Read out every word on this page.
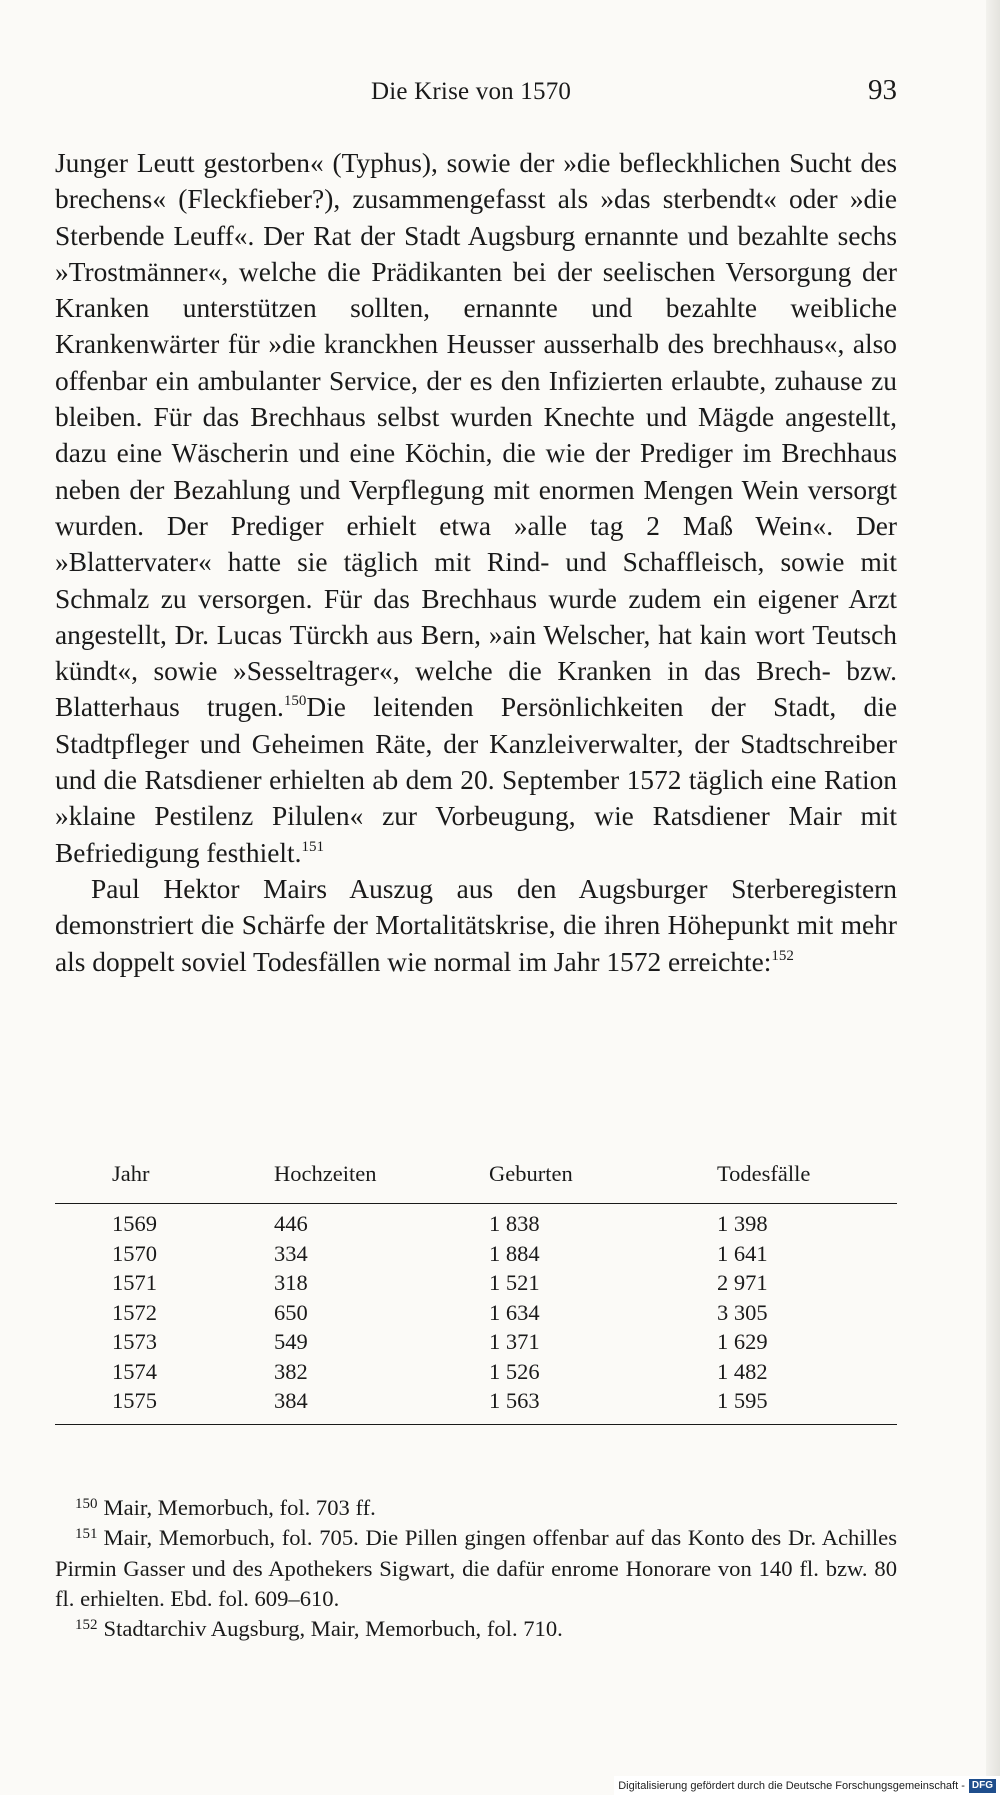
Die Krise von 1570	93

Junger Leutt gestorben« (Typhus), sowie der »die befleckhlichen Sucht des brechens« (Fleckfieber?), zusammengefasst als »das sterbendt« oder »die Sterbende Leuff«. Der Rat der Stadt Augsburg ernannte und bezahlte sechs »Trostmänner«, welche die Prädikanten bei der seelischen Versorgung der Kranken unterstützen sollten, ernannte und bezahlte weibliche Krankenwärter für »die kranckhen Heusser ausserhalb des brechhaus«, also offenbar ein ambulanter Service, der es den Infizierten erlaubte, zuhause zu bleiben. Für das Brechhaus selbst wurden Knechte und Mägde angestellt, dazu eine Wäscherin und eine Köchin, die wie der Prediger im Brechhaus neben der Bezahlung und Verpflegung mit enormen Mengen Wein versorgt wurden. Der Prediger erhielt etwa »alle tag 2 Maß Wein«. Der »Blattervater« hatte sie täglich mit Rind- und Schaffleisch, sowie mit Schmalz zu versorgen. Für das Brechhaus wurde zudem ein eigener Arzt angestellt, Dr. Lucas Türckh aus Bern, »ain Welscher, hat kain wort Teutsch kündt«, sowie »Sesseltrager«, welche die Kranken in das Brech- bzw. Blatterhaus trugen.$^{150}$Die leitenden Persönlichkeiten der Stadt, die Stadtpfleger und Geheimen Räte, der Kanzleiverwalter, der Stadtschreiber und die Ratsdiener erhielten ab dem 20. September 1572 täglich eine Ration »klaine Pestilenz Pilulen« zur Vorbeugung, wie Ratsdiener Mair mit Befriedigung festhielt.$^{151}$

Paul Hektor Mairs Auszug aus den Augsburger Sterberegistern demonstriert die Schärfe der Mortalitätskrise, die ihren Höhepunkt mit mehr als doppelt soviel Todesfällen wie normal im Jahr 1572 erreichte:$^{152}$

Jahr	Hochzeiten	Geburten	Todesfälle
1569	446	1 838	1 398
1570	334	1 884	1 641
1571	318	1 521	2 971
1572	650	1 634	3 305
1573	549	1 371	1 629
1574	382	1 526	1 482
1575	384	1 563	1 595

$^{150}$ Mair, Memorbuch, fol. 703 ff.

$^{151}$ Mair, Memorbuch, fol. 705. Die Pillen gingen offenbar auf das Konto des Dr. Achilles Pirmin Gasser und des Apothekers Sigwart, die dafür enrome Honorare von 140 fl. bzw. 80 fl. erhielten. Ebd. fol. 609–610.

$^{152}$ Stadtarchiv Augsburg, Mair, Memorbuch, fol. 710.

Digitalisierung gefördert durch die Deutsche Forschungsgemeinschaft - DFG
